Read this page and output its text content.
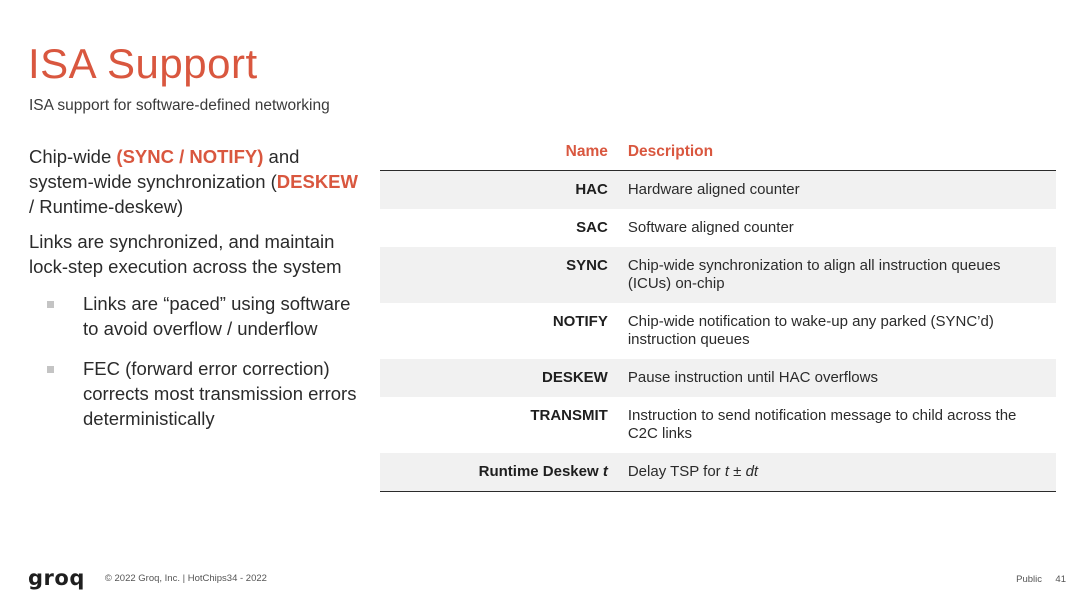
ISA Support

ISA support for software-defined networking

Chip-wide (SYNC / NOTIFY) and system-wide synchronization (DESKEW / Runtime-deskew)

Links are synchronized, and maintain lock-step execution across the system

Links are “paced” using software to avoid overflow / underflow
FEC (forward error correction) corrects most transmission errors deterministically
Name	Description
HAC	Hardware aligned counter
SAC	Software aligned counter
SYNC	Chip-wide synchronization to align all instruction queues (ICUs) on-chip
NOTIFY	Chip-wide notification to wake-up any parked (SYNC’d) instruction queues
DESKEW	Pause instruction until HAC overflows
TRANSMIT	Instruction to send notification message to child across the C2C links
Runtime Deskew t	Delay TSP for t ± dt
groq © 2022 Groq, Inc. | HotChips34 - 2022	Public 41
